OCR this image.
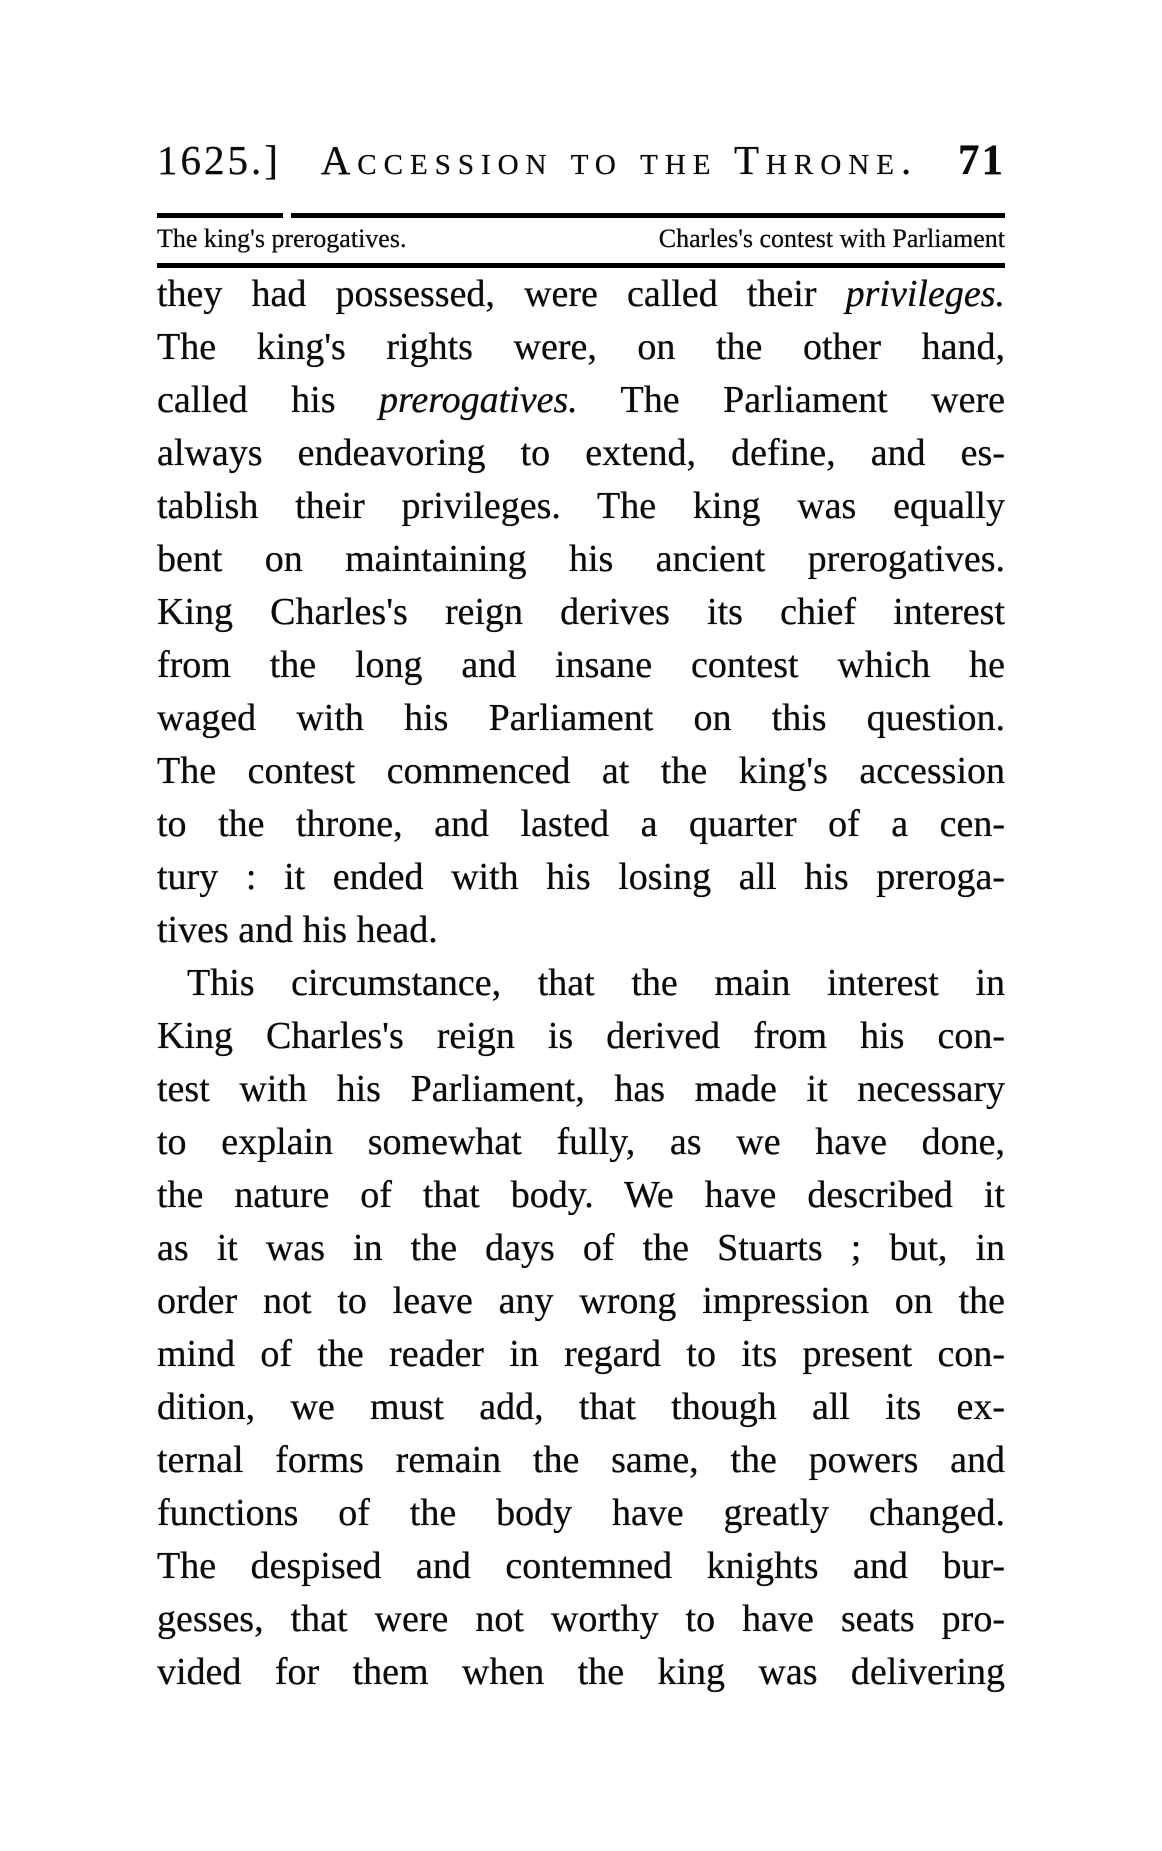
1625.] Accession to the Throne. 71
The king's prerogatives.	Charles's contest with Parliament
they had possessed, were called their privileges.
The king's rights were, on the other hand,
called his prerogatives. The Parliament were
always endeavoring to extend, define, and es-
tablish their privileges. The king was equally
bent on maintaining his ancient prerogatives.
King Charles's reign derives its chief interest
from the long and insane contest which he
waged with his Parliament on this question.
The contest commenced at the king's accession
to the throne, and lasted a quarter of a cen-
tury : it ended with his losing all his preroga-
tives and his head.
This circumstance, that the main interest in
King Charles's reign is derived from his con-
test with his Parliament, has made it necessary
to explain somewhat fully, as we have done,
the nature of that body. We have described it
as it was in the days of the Stuarts ; but, in
order not to leave any wrong impression on the
mind of the reader in regard to its present con-
dition, we must add, that though all its ex-
ternal forms remain the same, the powers and
functions of the body have greatly changed.
The despised and contemned knights and bur-
gesses, that were not worthy to have seats pro-
vided for them when the king was delivering
